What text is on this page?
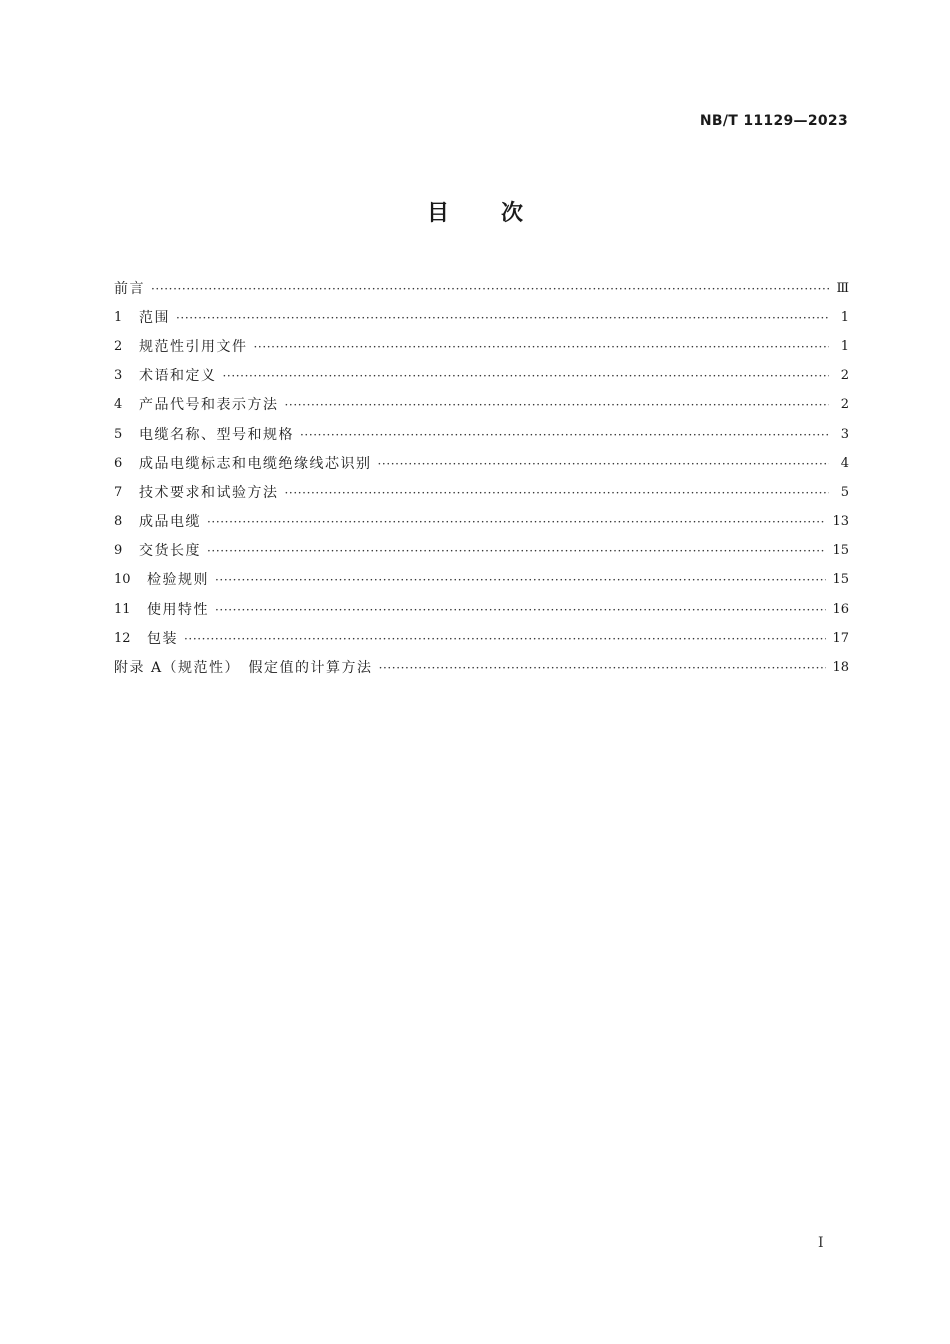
NB/T 11129—2023
目 次
前言 ·····	Ⅲ
1	范围 ·····	1
2	规范性引用文件 ·····	1
3	术语和定义 ·····	2
4	产品代号和表示方法 ·····	2
5	电缆名称、型号和规格 ·····	3
6	成品电缆标志和电缆绝缘线芯识别 ·····	4
7	技术要求和试验方法 ·····	5
8	成品电缆 ·····	13
9	交货长度 ·····	15
10	检验规则 ·····	15
11	使用特性 ·····	16
12	包装 ·····	17
附录 A（规范性）　假定值的计算方法 ·····	18
I
